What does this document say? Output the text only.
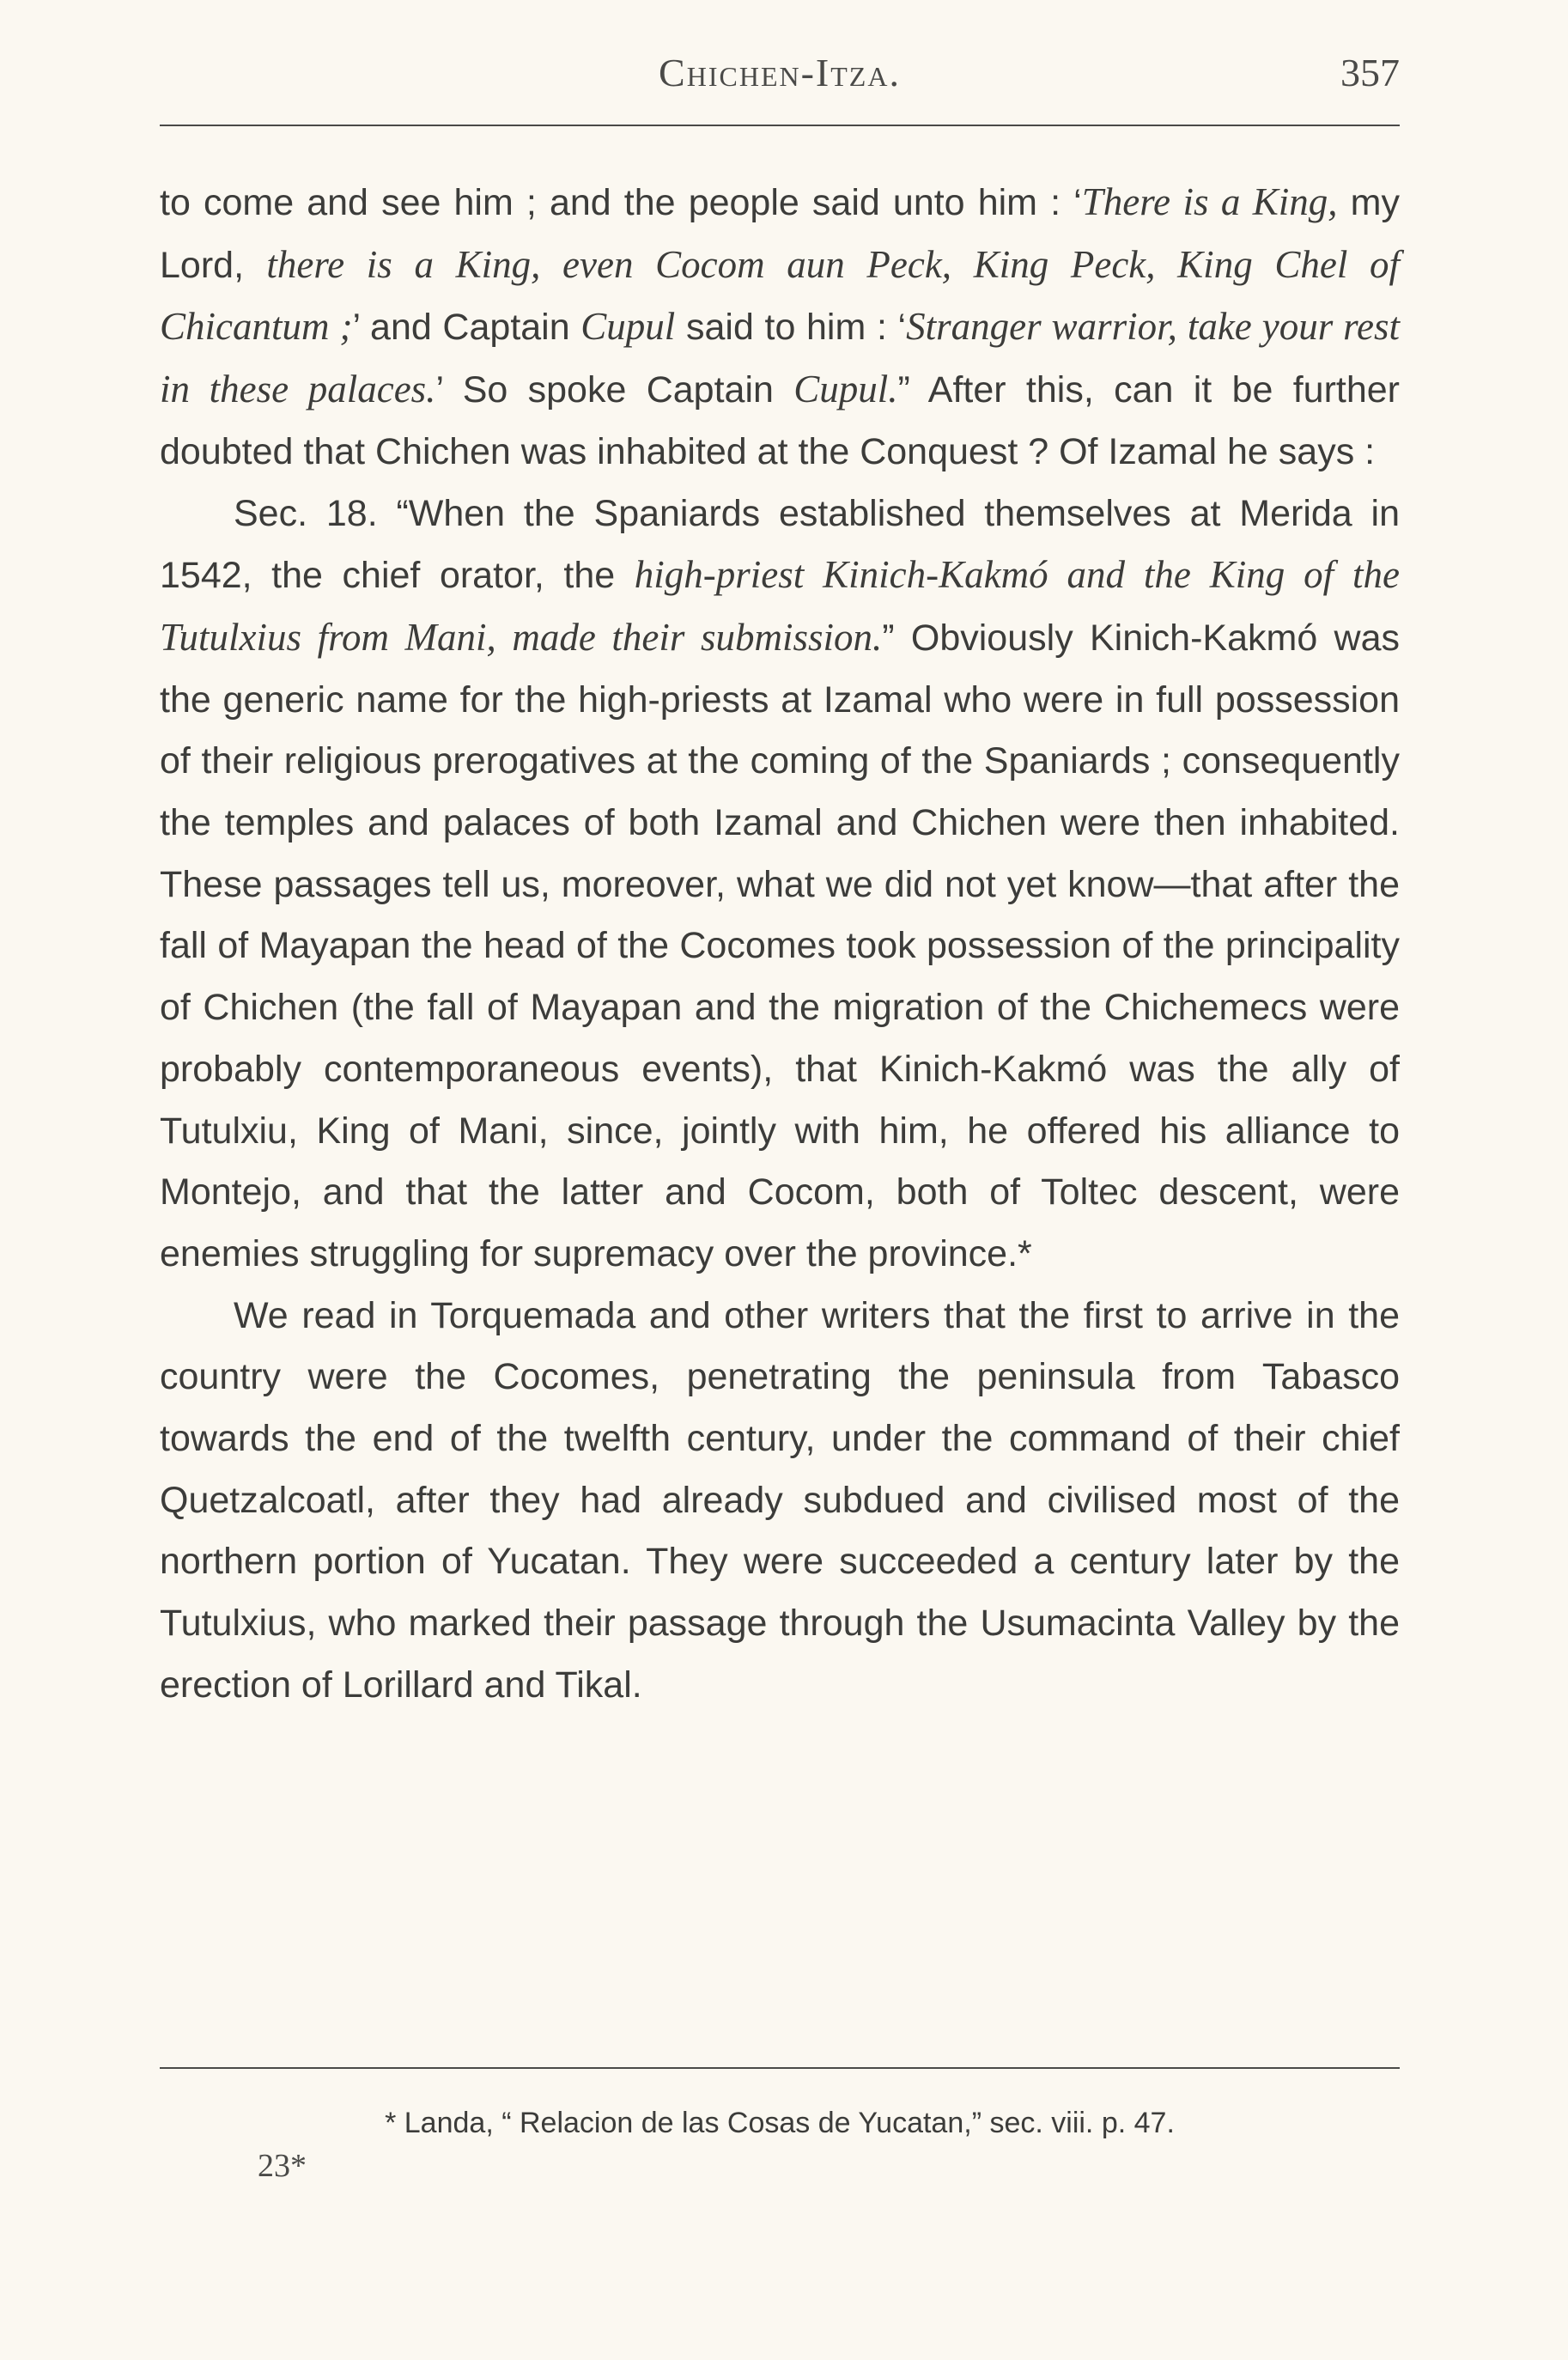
Chichen-Itza.	357

to come and see him ; and the people said unto him : ‘There is a King, my Lord, there is a King, even Cocom aun Peck, King Peck, King Chel of Chicantum ;’ and Captain Cupul said to him : ‘Stranger warrior, take your rest in these palaces.’ So spoke Captain Cupul.” After this, can it be further doubted that Chichen was inhabited at the Conquest ? Of Izamal he says :

Sec. 18. “When the Spaniards established themselves at Merida in 1542, the chief orator, the high-priest Kinich-Kakmó and the King of the Tutulxius from Mani, made their submission.” Obviously Kinich-Kakmó was the generic name for the high-priests at Izamal who were in full possession of their religious prerogatives at the coming of the Spaniards ; consequently the temples and palaces of both Izamal and Chichen were then inhabited. These passages tell us, moreover, what we did not yet know—that after the fall of Mayapan the head of the Cocomes took possession of the principality of Chichen (the fall of Mayapan and the migration of the Chichemecs were probably contemporaneous events), that Kinich-Kakmó was the ally of Tutulxiu, King of Mani, since, jointly with him, he offered his alliance to Montejo, and that the latter and Cocom, both of Toltec descent, were enemies struggling for supremacy over the province.*

We read in Torquemada and other writers that the first to arrive in the country were the Cocomes, penetrating the peninsula from Tabasco towards the end of the twelfth century, under the command of their chief Quetzalcoatl, after they had already subdued and civilised most of the northern portion of Yucatan. They were succeeded a century later by the Tutulxius, who marked their passage through the Usumacinta Valley by the erection of Lorillard and Tikal.

* Landa, “ Relacion de las Cosas de Yucatan,” sec. viii. p. 47.
23*
